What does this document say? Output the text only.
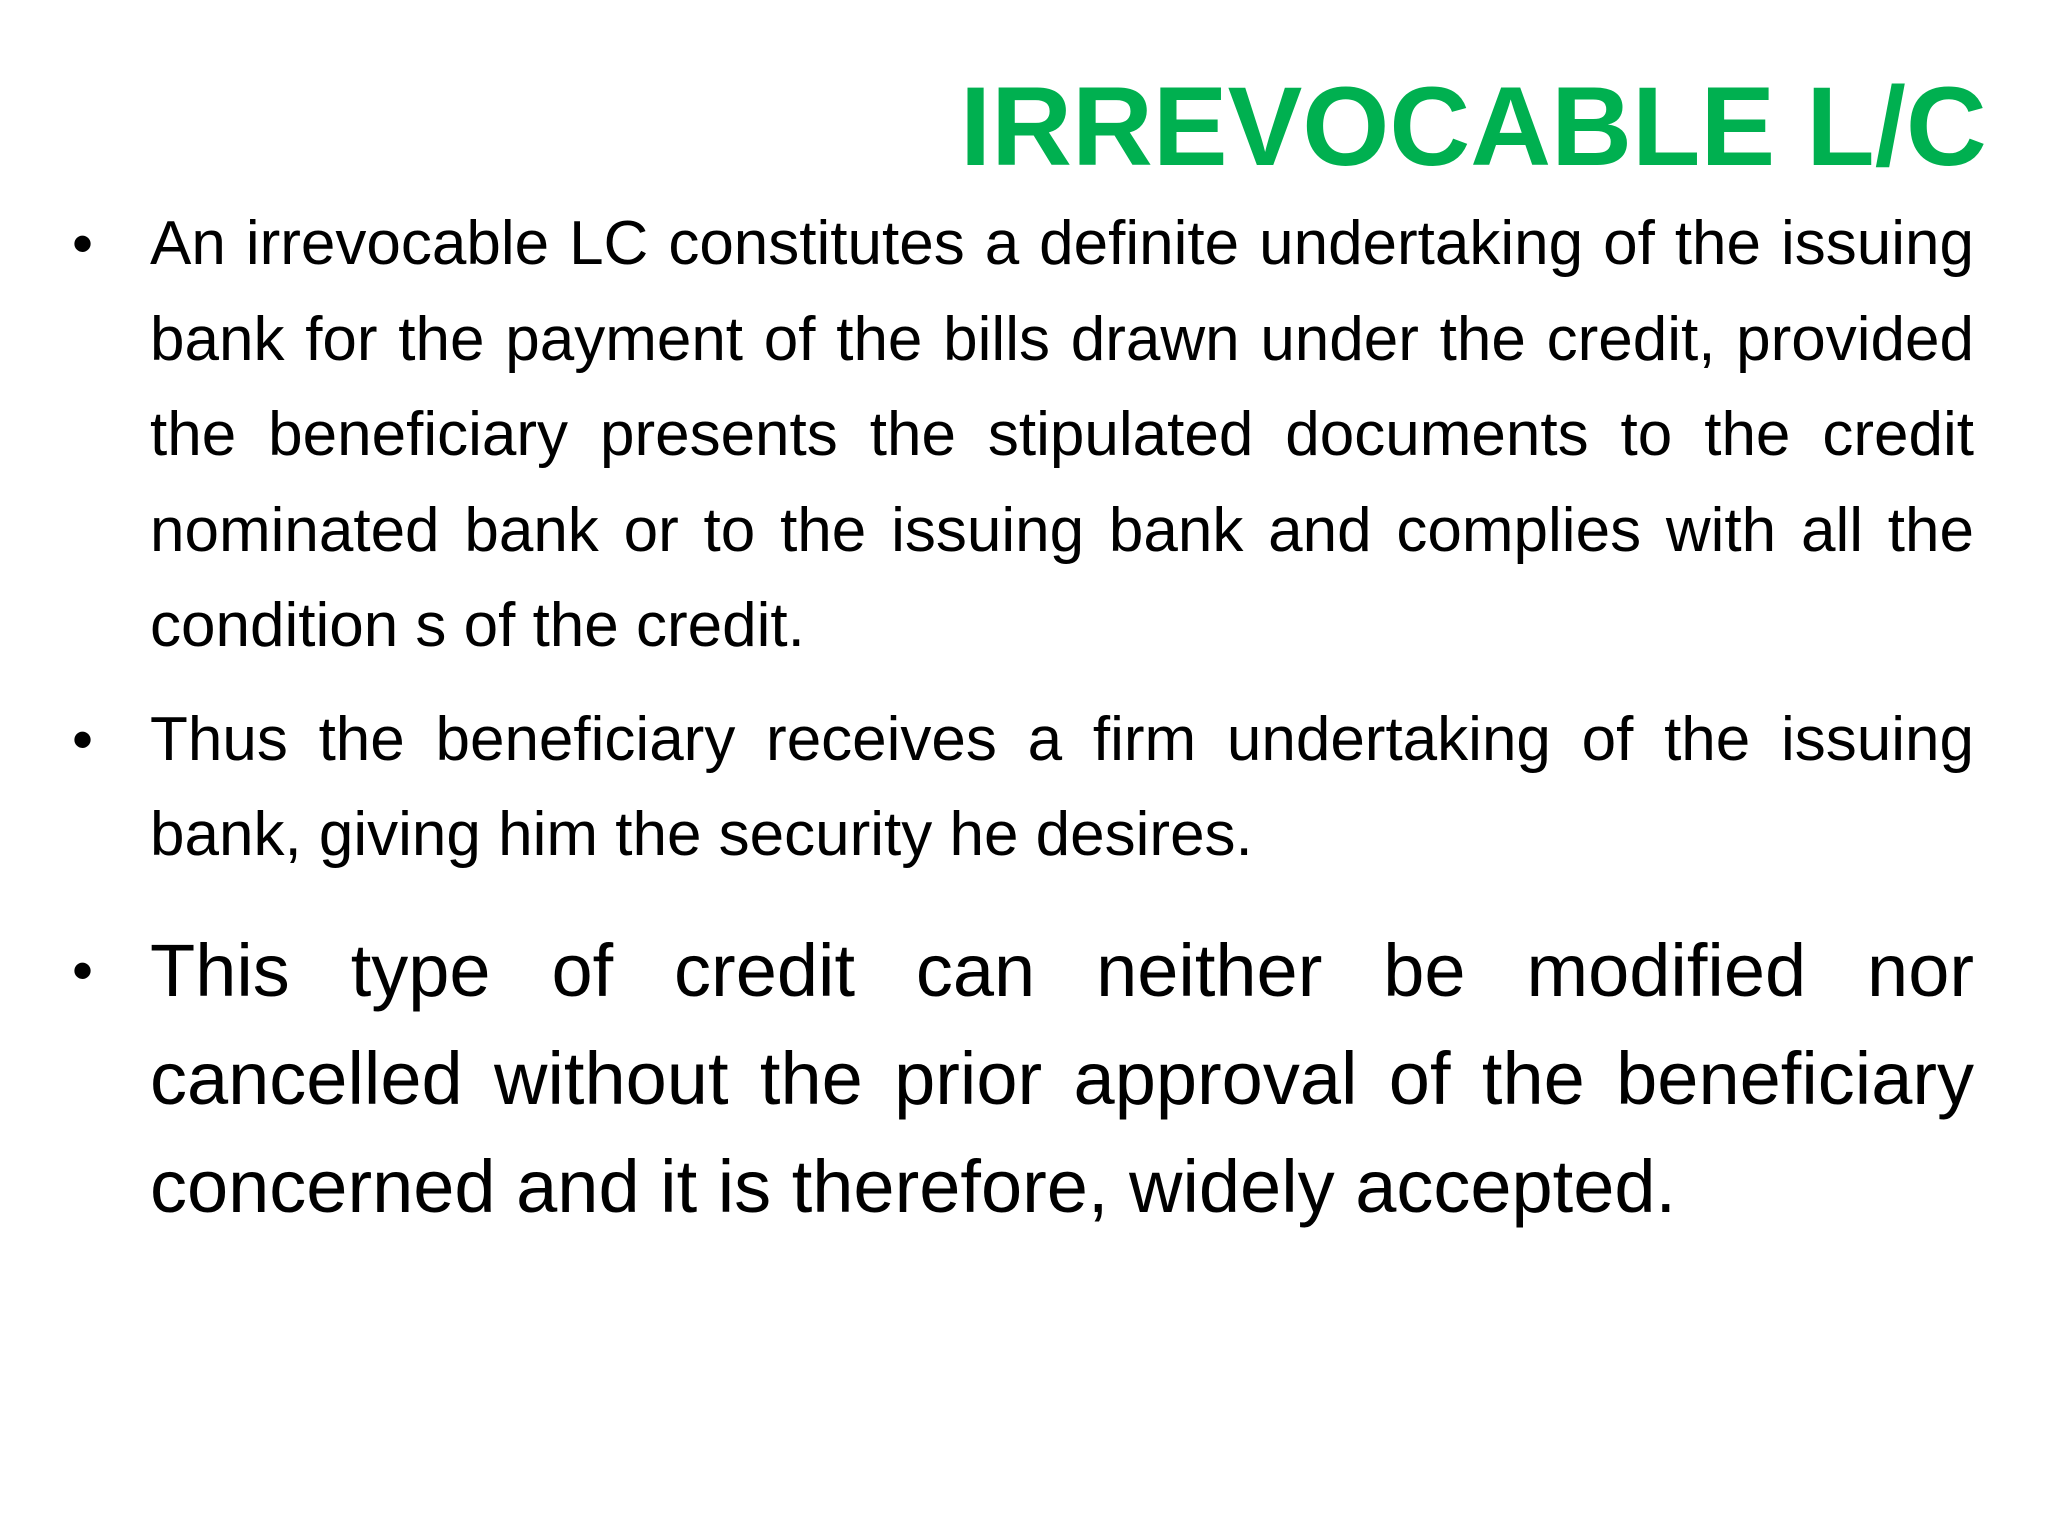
IRREVOCABLE L/C
• An irrevocable LC constitutes a definite undertaking of the issuing bank for the payment of the bills drawn under the credit, provided the beneficiary presents the stipulated documents to the credit nominated bank or to the issuing bank and complies with all the condition s of the credit.
• Thus the beneficiary receives a firm undertaking of the issuing bank, giving him the security he desires.
• This type of credit can neither be modified nor cancelled without the prior approval of the beneficiary concerned and it is therefore, widely accepted.
